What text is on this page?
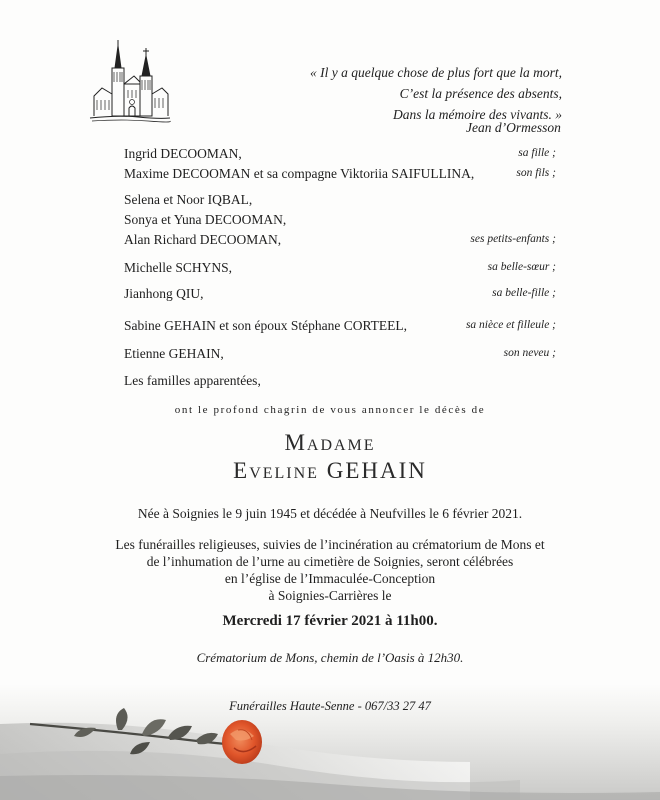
« Il y a quelque chose de plus fort que la mort,
C’est la présence des absents,
Dans la mémoire des vivants. »
Jean d’Ormesson
Ingrid DECOOMAN,	sa fille ;
Maxime DECOOMAN et sa compagne Viktoriia SAIFULLINA,	son fils ;
Selena et Noor IQBAL,
Sonya et Yuna DECOOMAN,
Alan Richard DECOOMAN,	ses petits-enfants ;
Michelle SCHYNS,	sa belle-sœur ;
Jianhong QIU,	sa belle-fille ;
Sabine GEHAIN et son époux Stéphane CORTEEL,	sa nièce et filleule ;
Etienne GEHAIN,	son neveu ;
Les familles apparentées,
ont le profond chagrin de vous annoncer le décès de
Madame
Eveline GEHAIN
Née à Soignies le 9 juin 1945 et décédée à Neufvilles le 6 février 2021.
Les funérailles religieuses, suivies de l’incinération au crématorium de Mons et
de l’inhumation de l’urne au cimetière de Soignies, seront célébrées
en l’église de l’Immaculée-Conception
à Soignies-Carrières le
Mercredi 17 février 2021 à 11h00.
Crématorium de Mons, chemin de l’Oasis à 12h30.
Funérailles Haute-Senne - 067/33 27 47
